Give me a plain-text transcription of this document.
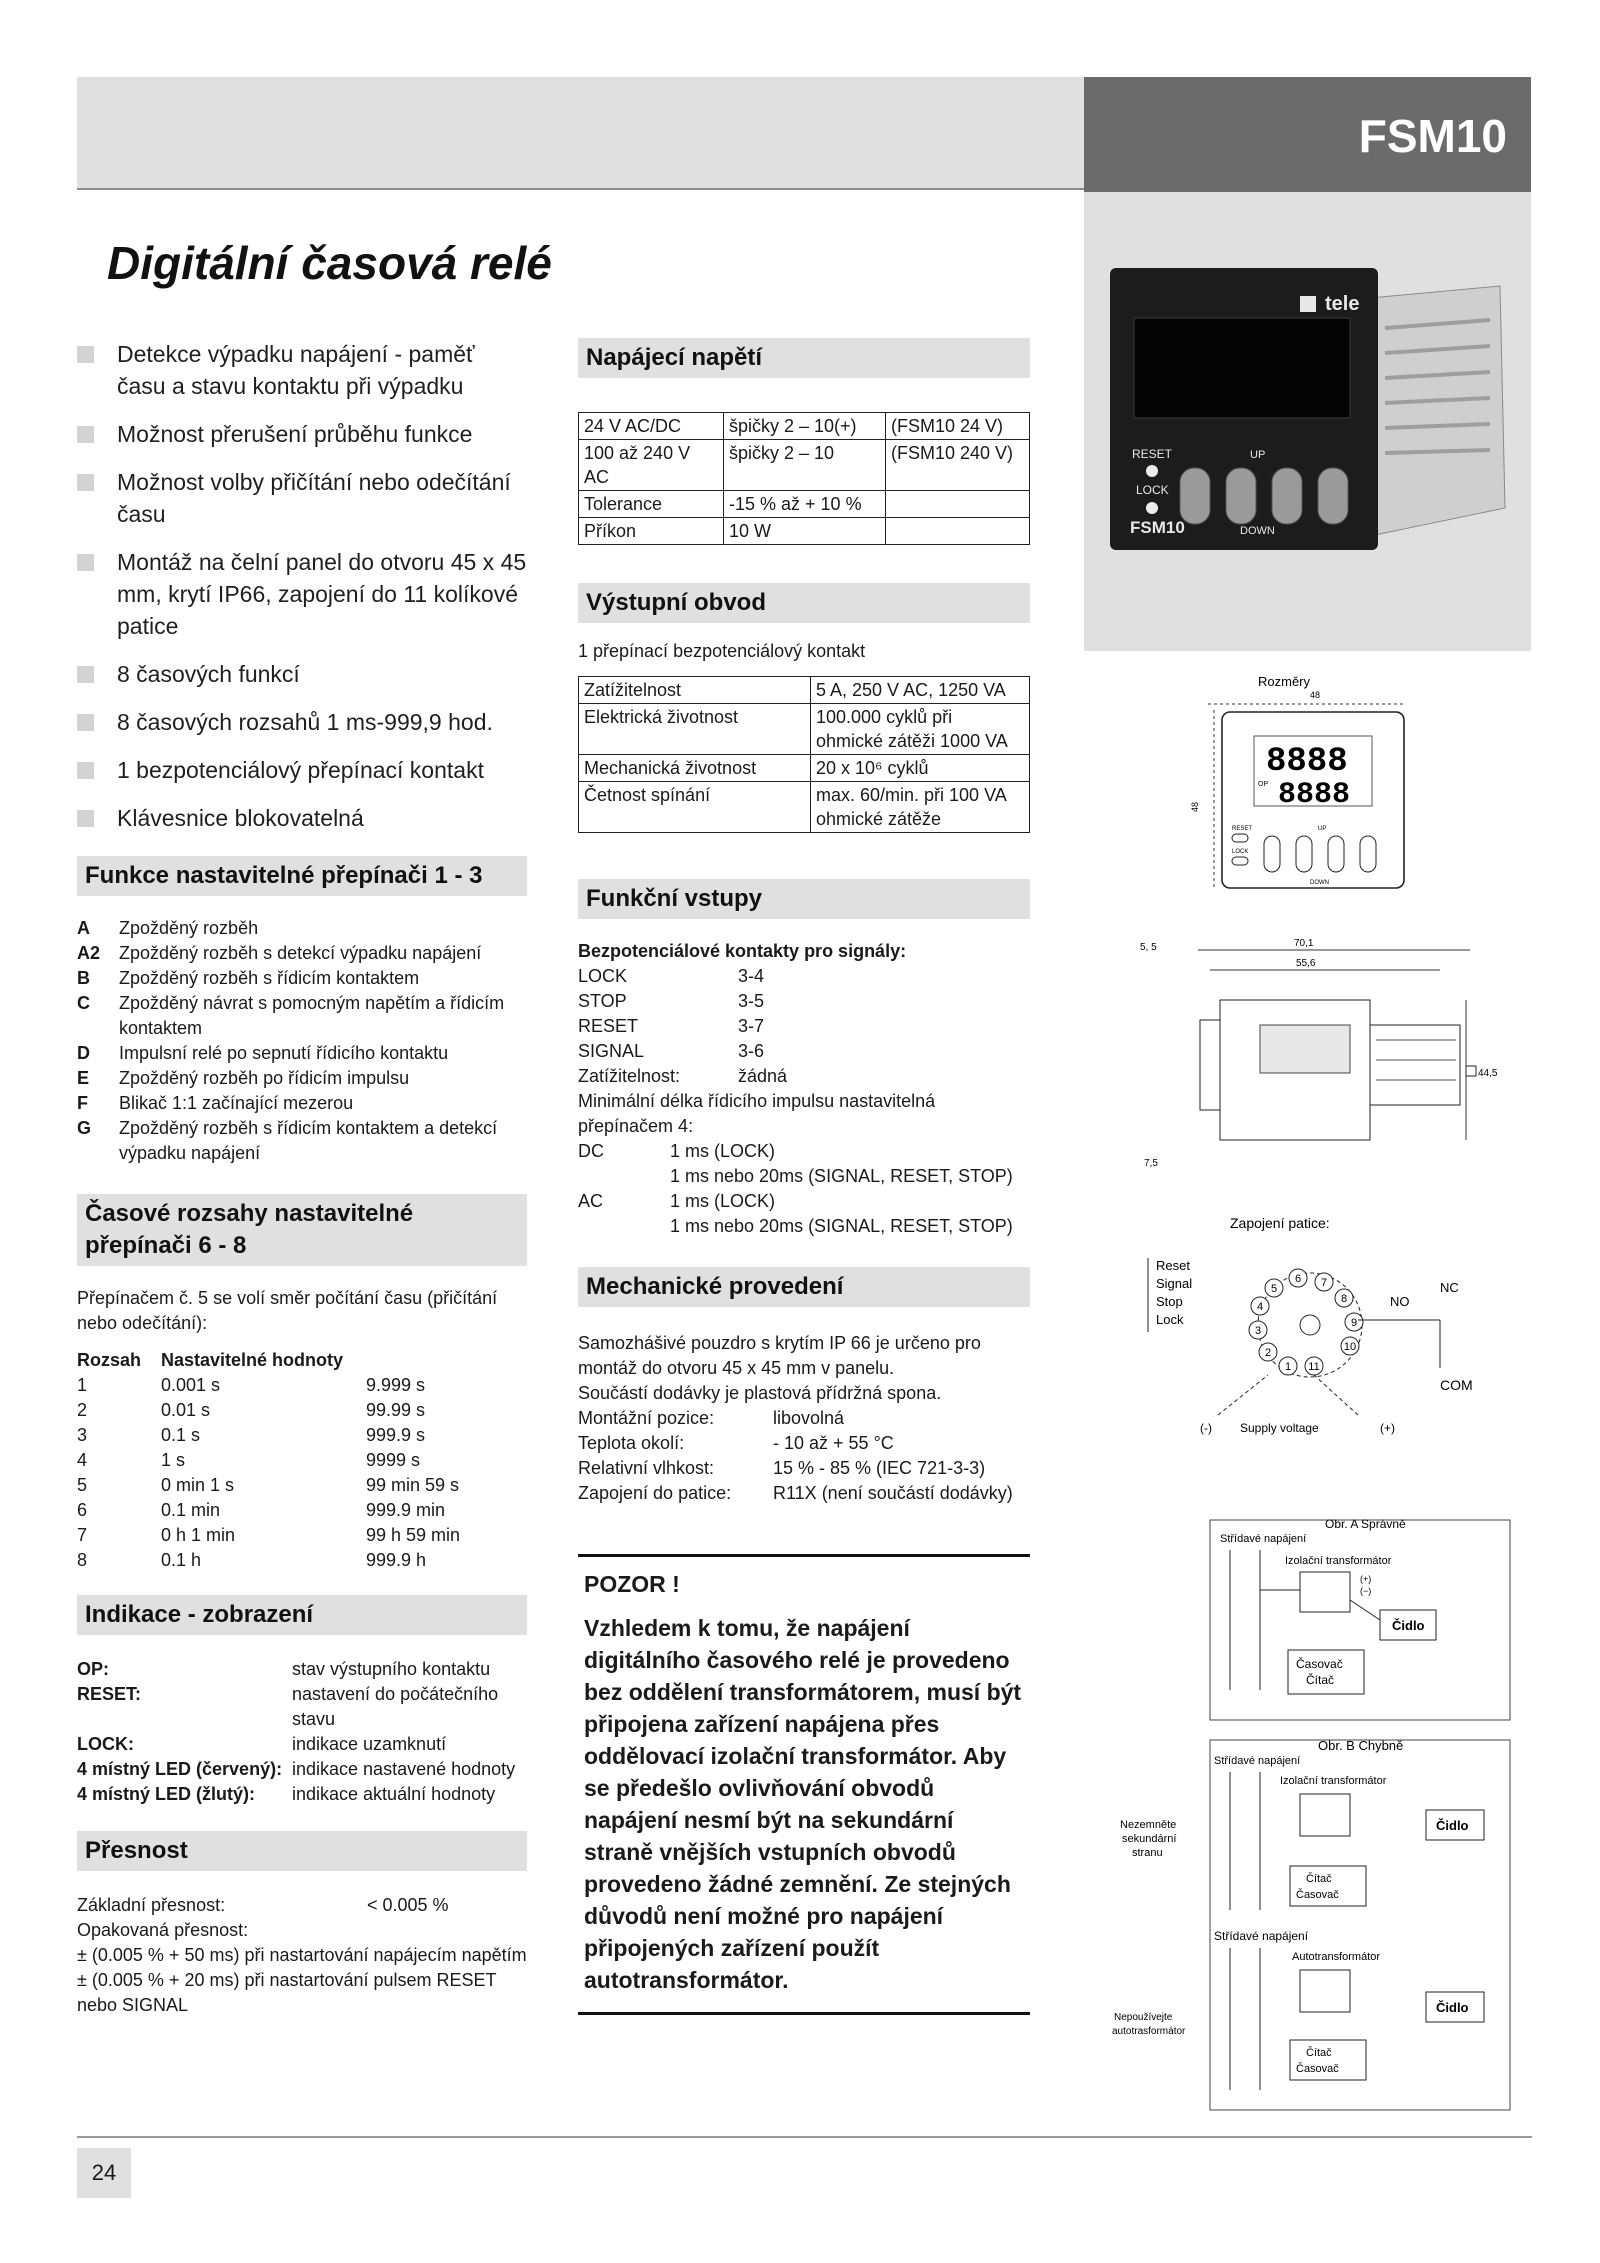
FSM10
Digitální časová relé
Detekce výpadku napájení - paměť času a stavu kontaktu při výpadku
Možnost přerušení průběhu funkce
Možnost volby přičítání nebo odečítání času
Montáž na čelní panel do otvoru 45 x 45 mm, krytí IP66, zapojení do 11 kolíkové patice
8 časových funkcí
8 časových rozsahů 1 ms-999,9 hod.
1 bezpotenciálový přepínací kontakt
Klávesnice blokovatelná
Funkce nastavitelné přepínači 1 - 3
A	Zpožděný rozběh
A2	Zpožděný rozběh s detekcí výpadku napájení
B	Zpožděný rozběh s řídicím kontaktem
C	Zpožděný návrat s pomocným napětím a řídicím kontaktem
D	Impulsní relé po sepnutí řídicího kontaktu
E	Zpožděný rozběh po řídicím impulsu
F	Blikač 1:1 začínající mezerou
G	Zpožděný rozběh s řídicím kontaktem a detekcí výpadku napájení
Časové rozsahy nastavitelné přepínači 6 - 8

Přepínačem č. 5 se volí směr počítání času (přičítání nebo odečítání):

Rozsah	Nastavitelné hodnoty	
1	0.001 s	9.999 s
2	0.01 s	99.99 s
3	0.1 s	999.9 s
4	1 s	9999 s
5	0 min 1 s	99 min 59 s
6	0.1 min	999.9 min
7	0 h 1 min	99 h 59 min
8	0.1 h	999.9 h
Indikace - zobrazení
OP:	stav výstupního kontaktu
RESET:	nastavení do počátečního stavu
LOCK:	indikace uzamknutí
4 místný LED (červený):	indikace nastavené hodnoty
4 místný LED (žlutý):	indikace aktuální hodnoty
Přesnost
Základní přesnost:	< 0.005 %

Opakovaná přesnost:

± (0.005 % + 50 ms) při nastartování napájecím napětím

± (0.005 % + 20 ms) při nastartování pulsem RESET nebo SIGNAL

Napájecí napětí
24 V AC/DC	špičky 2 – 10(+)	(FSM10 24 V)
100 až 240 V AC	špičky 2 – 10	(FSM10 240 V)
Tolerance	-15 % až + 10 %	
Příkon	10 W	
Výstupní obvod

1 přepínací bezpotenciálový kontakt

Zatížitelnost	5 A, 250 V AC, 1250 VA
Elektrická životnost	100.000 cyklů při ohmické zátěži 1000 VA
Mechanická životnost	20 x 10⁶ cyklů
Četnost spínání	max. 60/min. při 100 VA ohmické zátěže
Funkční vstupy

Bezpotenciálové kontakty pro signály:

LOCK	3-4
STOP	3-5
RESET	3-7
SIGNAL	3-6
Zatížitelnost:	žádná

Minimální délka řídicího impulsu nastavitelná přepínačem 4:

DC	1 ms (LOCK)
	1 ms nebo 20ms (SIGNAL, RESET, STOP)
AC	1 ms (LOCK)
	1 ms nebo 20ms (SIGNAL, RESET, STOP)
Mechanické provedení

Samozhášivé pouzdro s krytím IP 66 je určeno pro montáž do otvoru 45 x 45 mm v panelu.

Součástí dodávky je plastová přídržná spona.

Montážní pozice:	libovolná
Teplota okolí:	- 10 až + 55 °C
Relativní vlhkost:	15 % - 85 % (IEC 721-3-3)
Zapojení do patice:	R11X (není součástí dodávky)
POZOR !
Vzhledem k tomu, že napájení digitálního časového relé je provedeno bez oddělení transformátorem, musí být připojena zařízení napájena přes oddělovací izolační transformátor. Aby se předešlo ovlivňování obvodů napájení nesmí být na sekundární straně vnějších vstupních obvodů provedeno žádné zemnění. Ze stejných důvodů není možné pro napájení připojených zařízení použít autotransformátor.
tele
RESET
LOCK
FSM10
UP
DOWN
Rozměry
48
48
8888
8888
OP
RESET
LOCK
UP
DOWN
5, 5	70,1
55,6
44,5
7,5
Zapojení patice:
Reset
Signal
Stop
Lock
1
2
3
4
5
6 7
8
9
10
11
NC
NO
COM
(-) Supply voltage	(+)
Obr. A Správně
Střídavé napájení
Izolační transformátor
(+)
(−)
Čidlo
Časovač
Čítač
Obr. B Chybně
Střídavé napájení
Izolační transformátor
Čidlo
Čítač
Časovač
Nezemněte
sekundární
stranu
Střídavé napájení
Autotransformátor
Čidlo
Čítač
Časovač
Nepoužívejte
autotrasformátor
24
